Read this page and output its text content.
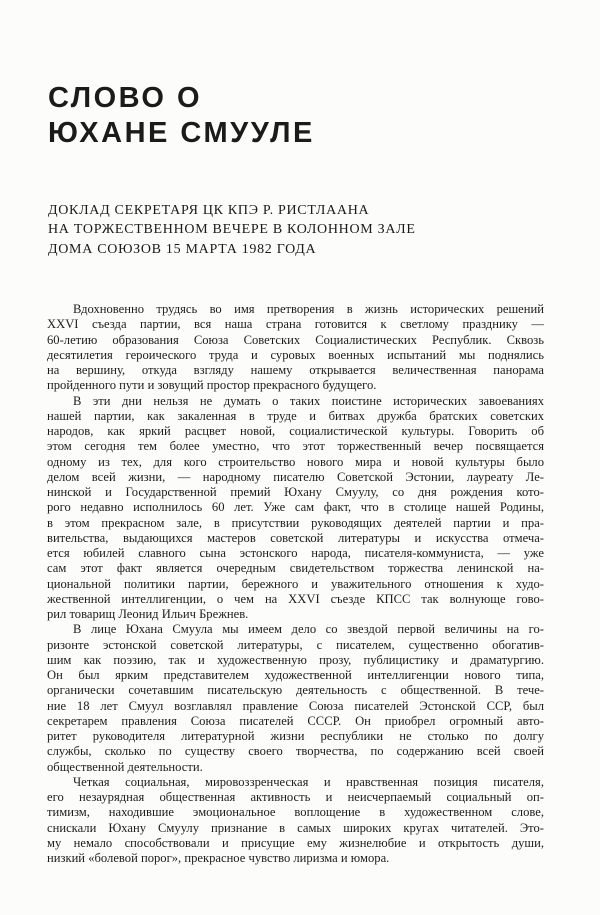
СЛОВО О
ЮХАНЕ СМУУЛЕ
ДОКЛАД СЕКРЕТАРЯ ЦК КПЭ Р. РИСТЛААНА
НА ТОРЖЕСТВЕННОМ ВЕЧЕРЕ В КОЛОННОМ ЗАЛЕ
ДОМА СОЮЗОВ 15 МАРТА 1982 ГОДА
Вдохновенно трудясь во имя претворения в жизнь исторических решений
XXVI съезда партии, вся наша страна готовится к светлому празднику —
60-летию образования Союза Советских Социалистических Республик. Сквозь
десятилетия героического труда и суровых военных испытаний мы поднялись
на вершину, откуда взгляду нашему открывается величественная панорама
пройденного пути и зовущий простор прекрасного будущего.
В эти дни нельзя не думать о таких поистине исторических завоеваниях
нашей партии, как закаленная в труде и битвах дружба братских советских
народов, как яркий расцвет новой, социалистической культуры. Говорить об
этом сегодня тем более уместно, что этот торжественный вечер посвящается
одному из тех, для кого строительство нового мира и новой культуры было
делом всей жизни, — народному писателю Советской Эстонии, лауреату Ле-
нинской и Государственной премий Юхану Смуулу, со дня рождения кото-
рого недавно исполнилось 60 лет. Уже сам факт, что в столице нашей Родины,
в этом прекрасном зале, в присутствии руководящих деятелей партии и пра-
вительства, выдающихся мастеров советской литературы и искусства отмеча-
ется юбилей славного сына эстонского народа, писателя-коммуниста, — уже
сам этот факт является очередным свидетельством торжества ленинской на-
циональной политики партии, бережного и уважительного отношения к худо-
жественной интеллигенции, о чем на XXVI съезде КПСС так волнующе гово-
рил товарищ Леонид Ильич Брежнев.
В лице Юхана Смуула мы имеем дело со звездой первой величины на го-
ризонте эстонской советской литературы, с писателем, существенно обогатив-
шим как поэзию, так и художественную прозу, публицистику и драматургию.
Он был ярким представителем художественной интеллигенции нового типа,
органически сочетавшим писательскую деятельность с общественной. В тече-
ние 18 лет Смуул возглавлял правление Союза писателей Эстонской ССР, был
секретарем правления Союза писателей СССР. Он приобрел огромный авто-
ритет руководителя литературной жизни республики не столько по долгу
службы, сколько по существу своего творчества, по содержанию всей своей
общественной деятельности.
Четкая социальная, мировоззренческая и нравственная позиция писателя,
его незаурядная общественная активность и неисчерпаемый социальный оп-
тимизм, находившие эмоциональное воплощение в художественном слове,
снискали Юхану Смуулу признание в самых широких кругах читателей. Это-
му немало способствовали и присущие ему жизнелюбие и открытость души,
низкий «болевой порог», прекрасное чувство лиризма и юмора.
